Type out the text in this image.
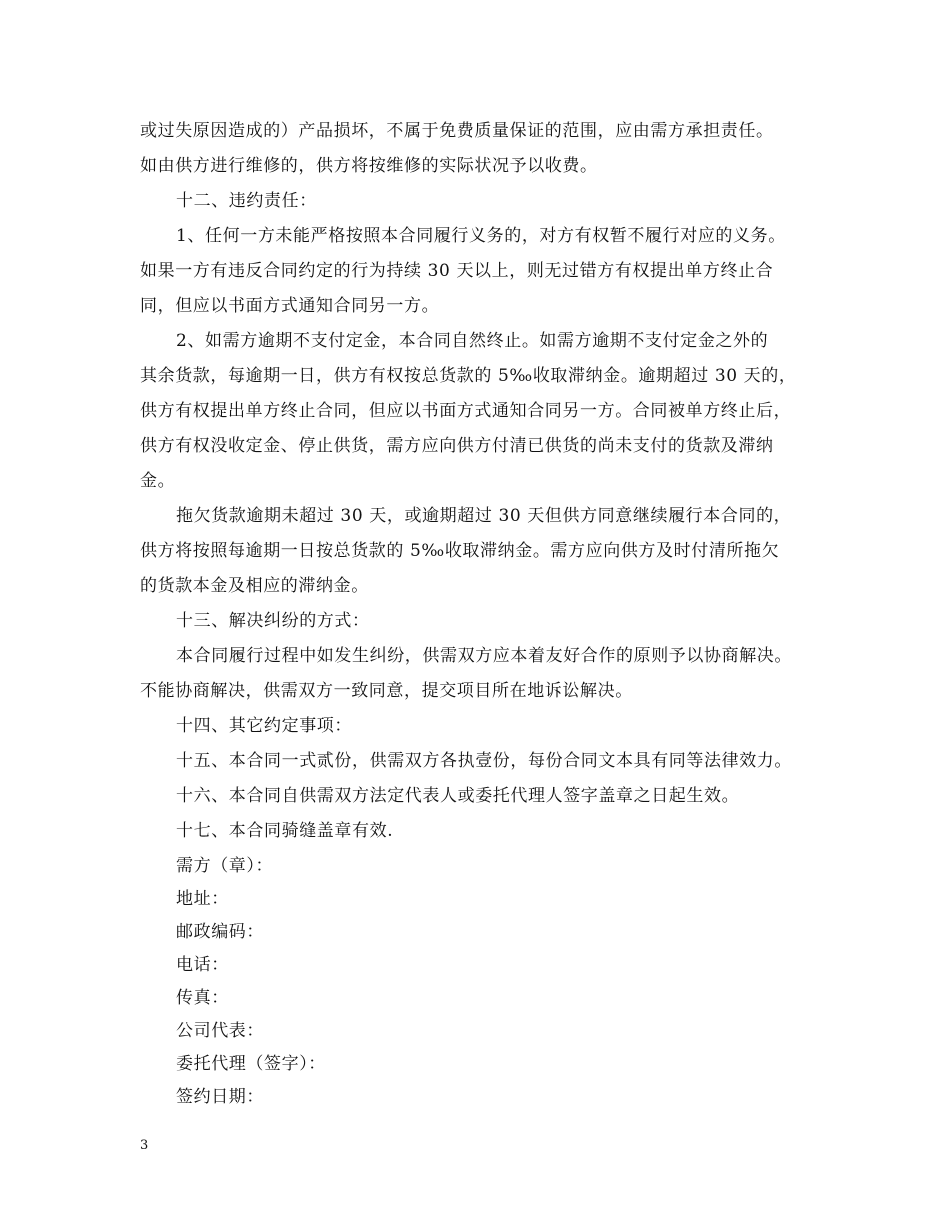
或过失原因造成的）产品损坏，不属于免费质量保证的范围，应由需方承担责任。
如由供方进行维修的，供方将按维修的实际状况予以收费。
十二、违约责任：
1、任何一方未能严格按照本合同履行义务的，对方有权暂不履行对应的义务。
如果一方有违反合同约定的行为持续 30 天以上，则无过错方有权提出单方终止合
同，但应以书面方式通知合同另一方。
2、如需方逾期不支付定金，本合同自然终止。如需方逾期不支付定金之外的
其余货款，每逾期一日，供方有权按总货款的 5‰收取滞纳金。逾期超过 30 天的，
供方有权提出单方终止合同，但应以书面方式通知合同另一方。合同被单方终止后，
供方有权没收定金、停止供货，需方应向供方付清已供货的尚未支付的货款及滞纳
金。
拖欠货款逾期未超过 30 天，或逾期超过 30 天但供方同意继续履行本合同的，
供方将按照每逾期一日按总货款的 5‰收取滞纳金。需方应向供方及时付清所拖欠
的货款本金及相应的滞纳金。
十三、解决纠纷的方式：
本合同履行过程中如发生纠纷，供需双方应本着友好合作的原则予以协商解决。
不能协商解决，供需双方一致同意，提交项目所在地诉讼解决。
十四、其它约定事项：
十五、本合同一式贰份，供需双方各执壹份，每份合同文本具有同等法律效力。
十六、本合同自供需双方法定代表人或委托代理人签字盖章之日起生效。
十七、本合同骑缝盖章有效.
需方（章）：
地址：
邮政编码：
电话：
传真：
公司代表：
委托代理（签字）：
签约日期：
3
